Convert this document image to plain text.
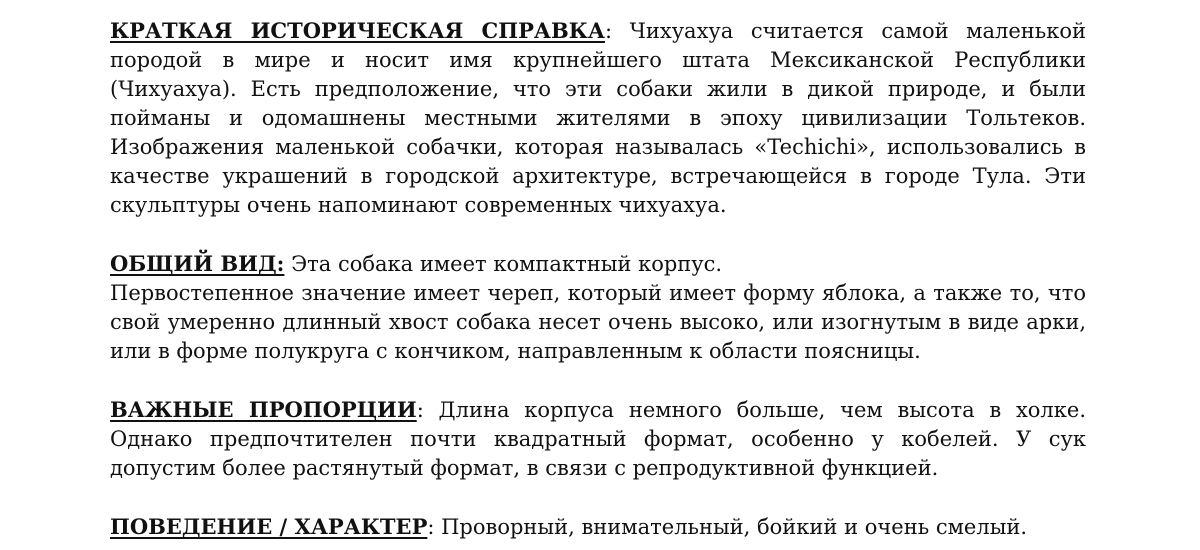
КРАТКАЯ ИСТОРИЧЕСКАЯ СПРАВКА: Чихуахуа считается самой маленькой породой в мире и носит имя крупнейшего штата Мексиканской Республики (Чихуахуа). Есть предположение, что эти собаки жили в дикой природе, и были пойманы и одомашнены местными жителями в эпоху цивилизации Тольтеков. Изображения маленькой собачки, которая называлась «Techichi», использовались в качестве украшений в городской архитектуре, встречающейся в городе Тула. Эти скульптуры очень напоминают современных чихуахуа.

ОБЩИЙ ВИД: Эта собака имеет компактный корпус.

Первостепенное значение имеет череп, который имеет форму яблока, а также то, что свой умеренно длинный хвост собака несет очень высоко, или изогнутым в виде арки, или в форме полукруга с кончиком, направленным к области поясницы.

ВАЖНЫЕ ПРОПОРЦИИ: Длина корпуса немного больше, чем высота в холке. Однако предпочтителен почти квадратный формат, особенно у кобелей. У сук допустим более растянутый формат, в связи с репродуктивной функцией.

ПОВЕДЕНИЕ / ХАРАКТЕР: Проворный, внимательный, бойкий и очень смелый.
